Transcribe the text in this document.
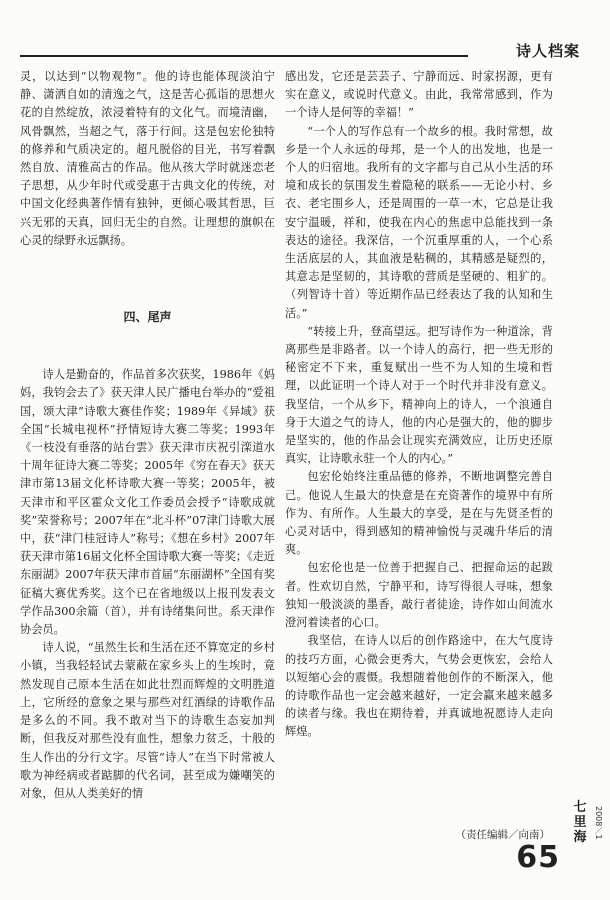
诗人档案

灵，以达到“以物观物”。他的诗也能体现淡泊宁静、潇洒自如的清逸之气，这是苦心孤诣的思想火花的自然绽放，浓浸着特有的文化气。而境清幽，风骨飘然，当超之气，落于行间。这是包宏伦独特的修养和气质决定的。超凡脱俗的目光，书写着飘然自放、清雅高古的作品。他从孩大学时就迷恋老子思想，从少年时代或受惠于古典文化的传统，对中国文化经典著作情有独钟，更倾心吸其哲思，巨兴无邪的天真，回归无尘的自然。让理想的旗帜在心灵的绿野永远飘扬。

四、尾声

诗人是勤奋的，作品首多次获奖，1986年《妈妈，我钧会去了》获天津人民广播电台举办的“爱祖国，颂大津”诗歌大赛佳作奖；1989年《异域》获全国“长城电视杯”抒情短诗大赛二等奖；1993年《一枝没有垂落的站台雲》获天津市庆祝引滦道水十周年征诗大赛二等奖；2005年《穷在春天》获天津市第13届文化杯诗歌大赛一等奖；2005年，被天津市和平区霍众文化工作委员会授予“诗歌成就奖”荣誉称号；2007年在“北斗杯”07津门诗歌大展中，获“津门桂冠诗人”称号；《想在乡村》2007年获天津市第16届文化杯全国诗歌大赛一等奖；《走近东丽湖》2007年获天津市首届“东丽湖杯”全国有奖征稿大赛优秀奖。这个已在省地级以上报刊发表文学作品300余篇（首），并有诗绪集问世。系天津作协会员。

诗人说，“虽然生长和生活在还不算宽定的乡村小镇，当我轻轻试去蒙蔽在家乡头上的生埃时，竟然发现自己原本生活在如此壮烈而辉煌的文明胜道上，它所经的意象之果与那些对红酒绿的诗歌作品是多么的不同。我不敢对当下的诗歌生态妄加判断，但我反对那些没有血性，想象力贫乏，十般的生人作出的分行文字。尽管“诗人”在当下时常被人歌为神经病或者踮脚的代名词，甚至成为嫌嘲笑的对象，但从人类美好的情

感出发，它还是芸芸子、宁静而远、时家拐源，更有实在意义，或说时代意义。由此，我常常感到，作为一个诗人是何等的幸福！”

“一个人的写作总有一个故乡的根。我时常想，故乡是一个人永远的母邦，是一个人的出发地，也是一个人的归宿地。我所有的文字都与自己从小生活的环境和成长的氛围发生着隐秘的联系——无论小村、乡衣、老宅围乡人，还是周围的一草一木，它总是让我安宁温暖，祥和，使我在内心的焦虑中总能找到一条表达的途径。我深信，一个沉重厚重的人，一个心系生活底层的人，其血液是粘稠的，其精感是疑烈的，其意志是坚韧的，其诗歌的营质是坚硬的、粗犷的。（列智诗十首）等近期作品已经表达了我的认知和生活。”

“转接上升，登高望远。把写诗作为一种道涂，背离那些是非路者。以一个诗人的高行，把一些无形的秘密定不下来，重复赋出一些不为人知的生境和哲理，以此证明一个诗人对于一个时代并非没有意义。我坚信，一个从乡下，精神向上的诗人，一个浪通自身于大道之气的诗人，他的内心是强大的，他的脚步是坚实的，他的作品会让现实充满效应，让历史还原真实，让诗歌永驻一个人的内心。”

包宏伦始终注重品德的修养，不断地调整完善自己。他说人生最大的快意是在充资著作的境界中有所作为、有所作。人生最大的享受，是在与先贤圣哲的心灵对话中，得到感知的精神愉悦与灵魂升华后的清爽。

包宏伦也是一位善于把握自己、把握命运的起跋者。性欢切自然，宁静平和，诗写得很人寻味，想象独知一般淡淡的墨香，敲行者徒途，诗作如山间流水澄河着读者的心口。

我坚信，在诗人以后的创作路途中，在大气度诗的技巧方面，心微会更秀大，气势会更恢宏，会给人以短缩心会的震慑。我想随着他创作的不断深入，他的诗歌作品也一定会越来越好，一定会赢来越来越多的读者与缘。我也在期待着，并真诚地祝愿诗人走向辉煌。

（责任编辑／向南）
七里海 2008／1
65
